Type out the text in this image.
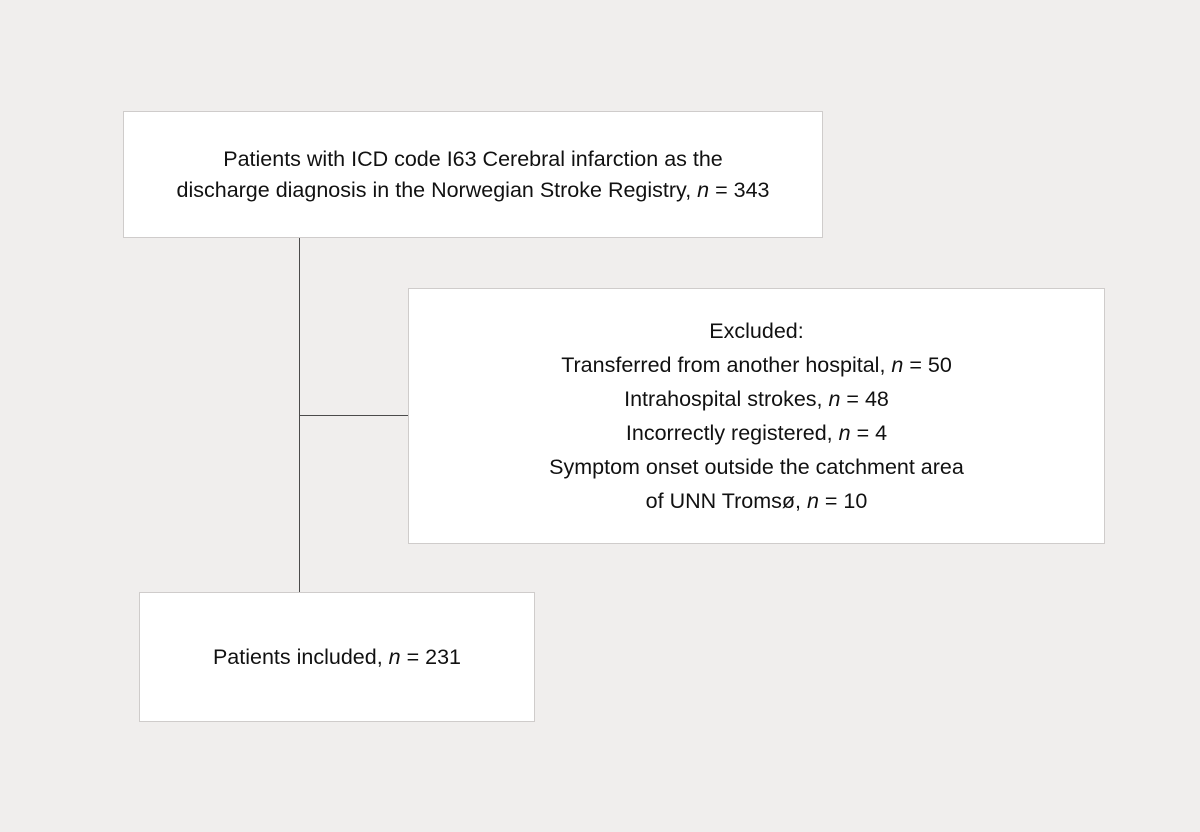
Patients with ICD code I63 Cerebral infarction as the
discharge diagnosis in the Norwegian Stroke Registry, n = 343
Excluded:
Transferred from another hospital, n = 50
Intrahospital strokes, n = 48
Incorrectly registered, n = 4
Symptom onset outside the catchment area
of UNN Tromsø, n = 10
Patients included, n = 231
